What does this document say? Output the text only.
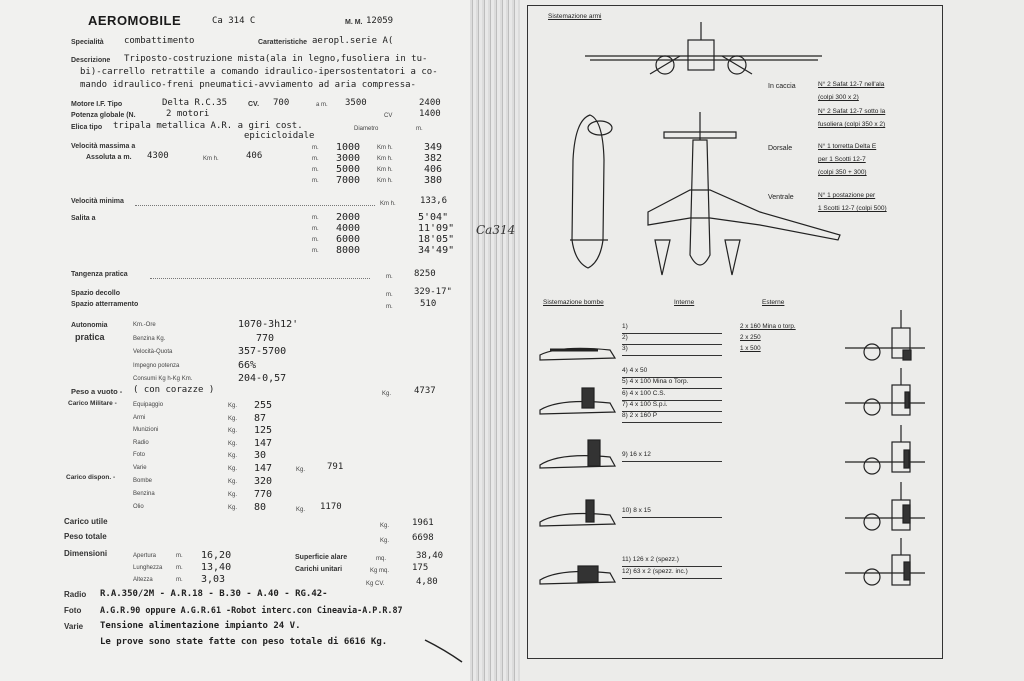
AEROMOBILE	Ca 314 C	M. M. 12059
Specialità combattimento	Caratteristiche aeropl.serie A(
Descrizione Triposto-costruzione mista(ala in legno,fusoliera in tu-
bi)-carrello retrattile a comando idraulico-ipersostentatori a co-
mando idraulico-freni pneumatici-avviamento ad aria compressa-
Motore I.F. Tipo	Delta R.C.35	CV. 700	a m. 3500	2400
Potenza globale (N.	2 motori	CV	1400
Elica tipo tripala metallica A.R. a giri cost.
epicicloidale
Diametro	m.
Velocità massima a
Assoluta a m. 4300	Km h.	406
Velocità minima	Km h.	133,6
Salita a
Tangenza pratica	m. 8250
Spazio decollo	m. 329-17"
Spazio atterramento	m.	510
Autonomia
pratica
Peso a vuoto - ( con corazze )	Kg.	4737
Carico Militare -
Kg. 791
Carico dispon. -
Kg. 1170
Carico utile	Kg.	1961
Peso totale	Kg.	6698
Dimensioni	Superficie alare	mq.	38,40
Carichi unitari	Kg mq.	175
Kg CV.	4,80
Radio R.A.350/2M - A.R.18 - B.30 - A.40 - RG.42-
Foto A.G.R.90 oppure A.G.R.61 -Robot interc.con Cineavia-A.P.R.87
Varie Tensione alimentazione impianto 24 V.
Le prove sono state fatte con peso totale di 6616 Kg.
m. 1000	Km h.	349
m. 3000	Km h.	382
m. 5000	Km h.	406
m. 7000	Km h.	380
m. 2000	5'04"
m. 4000	11'09"
m. 6000	18'05"
m. 8000	34'49"
Km.-Ore	1070-3h12'
Benzina Kg.	770
Velocità-Quota	357-5700
Impegno potenza	66%
Consumi Kg h-Kg Km.	204-0,57
Equipaggio	Kg. 255
Armi	Kg. 87
Munizioni	Kg. 125
Radio	Kg. 147
Foto	Kg. 30
Varie	Kg. 147
Bombe	Kg. 320
Benzina	Kg. 770
Olio	Kg. 80
Apertura	m. 16,20
Lunghezza m. 13,40
Altezza	m. 3,03
Ca314
Sistemazione armi
In caccia	N° 2 Safat 12-7 nell'ala
(colpi 300 x 2)
N° 2 Safat 12-7 sotto la
fusoliera (colpi 350 x 2)
Dorsale	N° 1 torretta Delta E
per 1 Scotti 12-7
(colpi 350 + 300)
Ventrale	N° 1 postazione per
1 Scotti 12-7 (colpi 500)
Sistemazione bombe	Interne	Esterne
1)
2)
3)
4) 4 x 50
5) 4 x 100 Mina o Torp.
6) 4 x 100 C.S.
7) 4 x 100 S.p.i.
8) 2 x 160 P
9) 16 x 12
10) 8 x 15
11) 126 x 2 (spezz.)
12) 63 x 2 (spezz. inc.)
2 x 160 Mina o torp.
2 x 250
1 x 500
